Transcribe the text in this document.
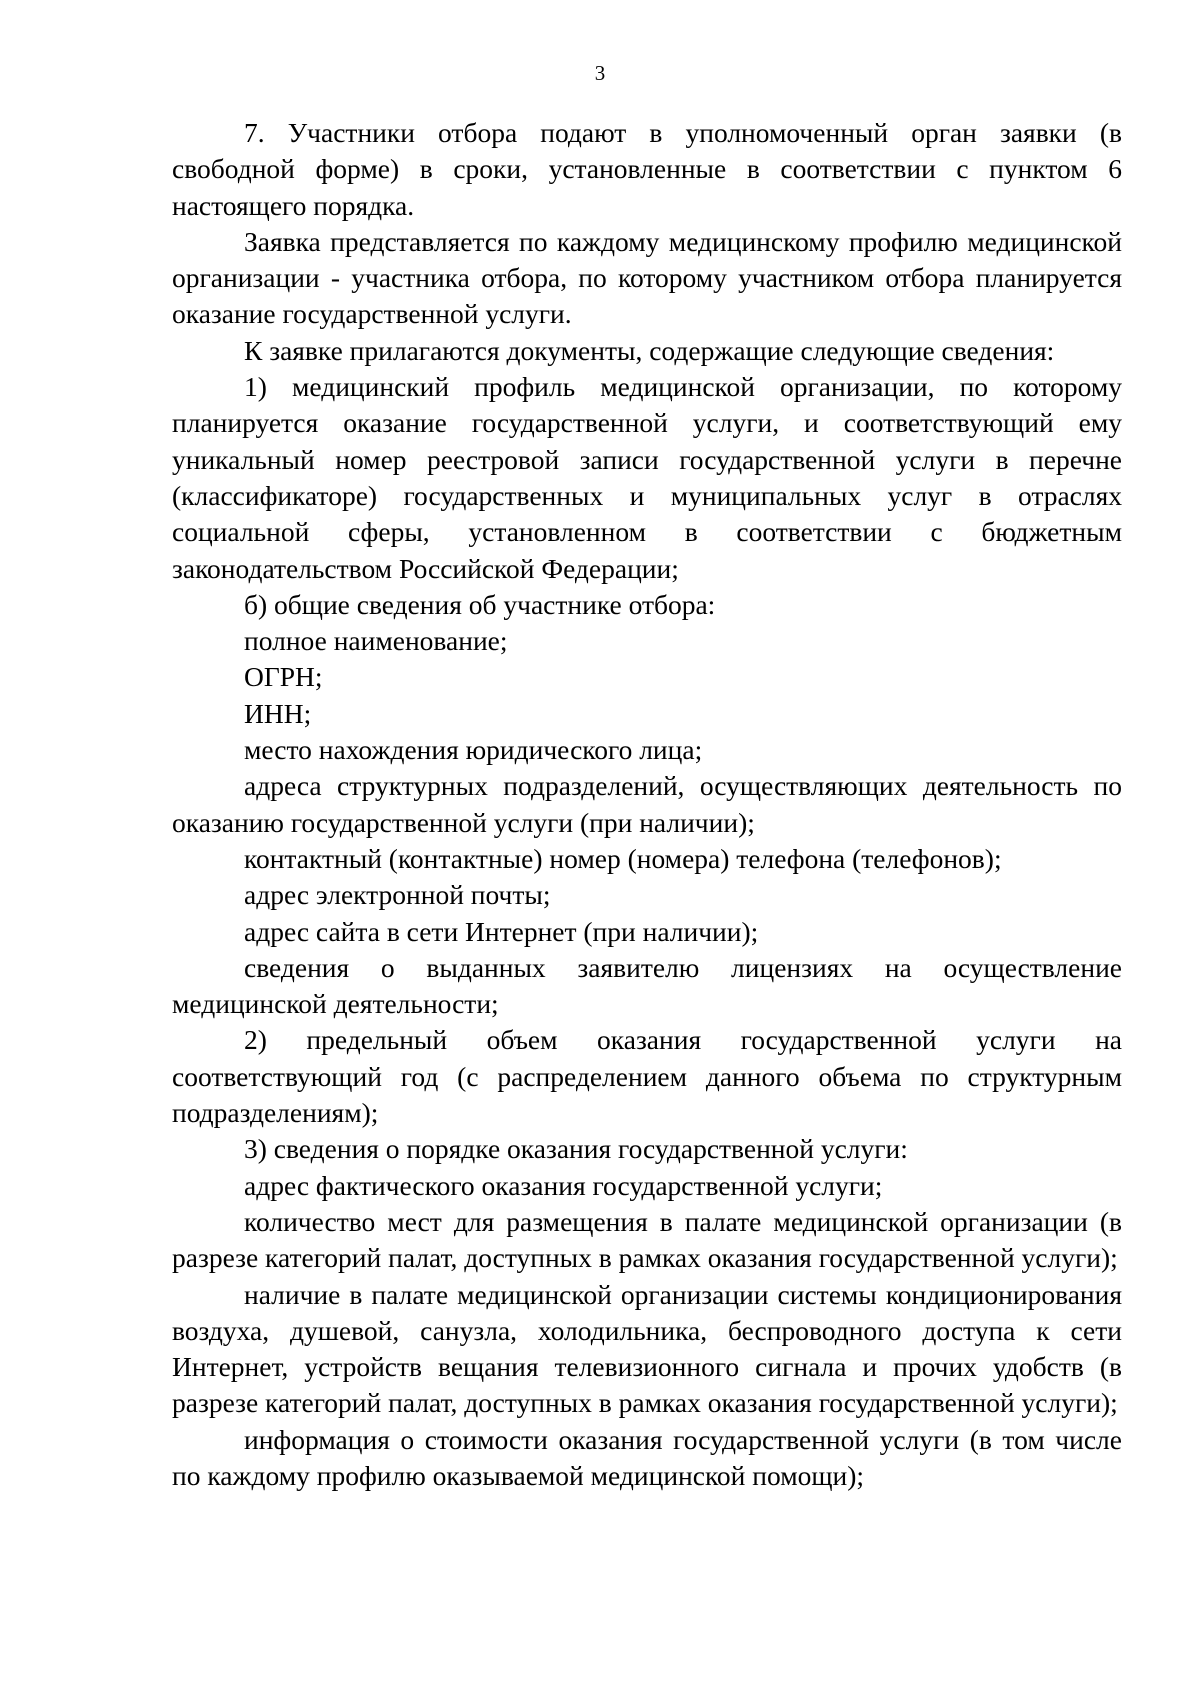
3

7. Участники отбора подают в уполномоченный орган заявки (в свободной форме) в сроки, установленные в соответствии с пунктом 6 настоящего порядка.

Заявка представляется по каждому медицинскому профилю медицинской организации - участника отбора, по которому участником отбора планируется оказание государственной услуги.

К заявке прилагаются документы, содержащие следующие сведения:

1) медицинский профиль медицинской организации, по которому планируется оказание государственной услуги, и соответствующий ему уникальный номер реестровой записи государственной услуги в перечне (классификаторе) государственных и муниципальных услуг в отраслях социальной сферы, установленном в соответствии с бюджетным законодательством Российской Федерации;

б) общие сведения об участнике отбора:

полное наименование;

ОГРН;

ИНН;

место нахождения юридического лица;

адреса структурных подразделений, осуществляющих деятельность по оказанию государственной услуги (при наличии);

контактный (контактные) номер (номера) телефона (телефонов);

адрес электронной почты;

адрес сайта в сети Интернет (при наличии);

сведения о выданных заявителю лицензиях на осуществление медицинской деятельности;

2) предельный объем оказания государственной услуги на соответствующий год (с распределением данного объема по структурным подразделениям);

3) сведения о порядке оказания государственной услуги:

адрес фактического оказания государственной услуги;

количество мест для размещения в палате медицинской организации (в разрезе категорий палат, доступных в рамках оказания государственной услуги);

наличие в палате медицинской организации системы кондиционирования воздуха, душевой, санузла, холодильника, беспроводного доступа к сети Интернет, устройств вещания телевизионного сигнала и прочих удобств (в разрезе категорий палат, доступных в рамках оказания государственной услуги);

информация о стоимости оказания государственной услуги (в том числе по каждому профилю оказываемой медицинской помощи);
